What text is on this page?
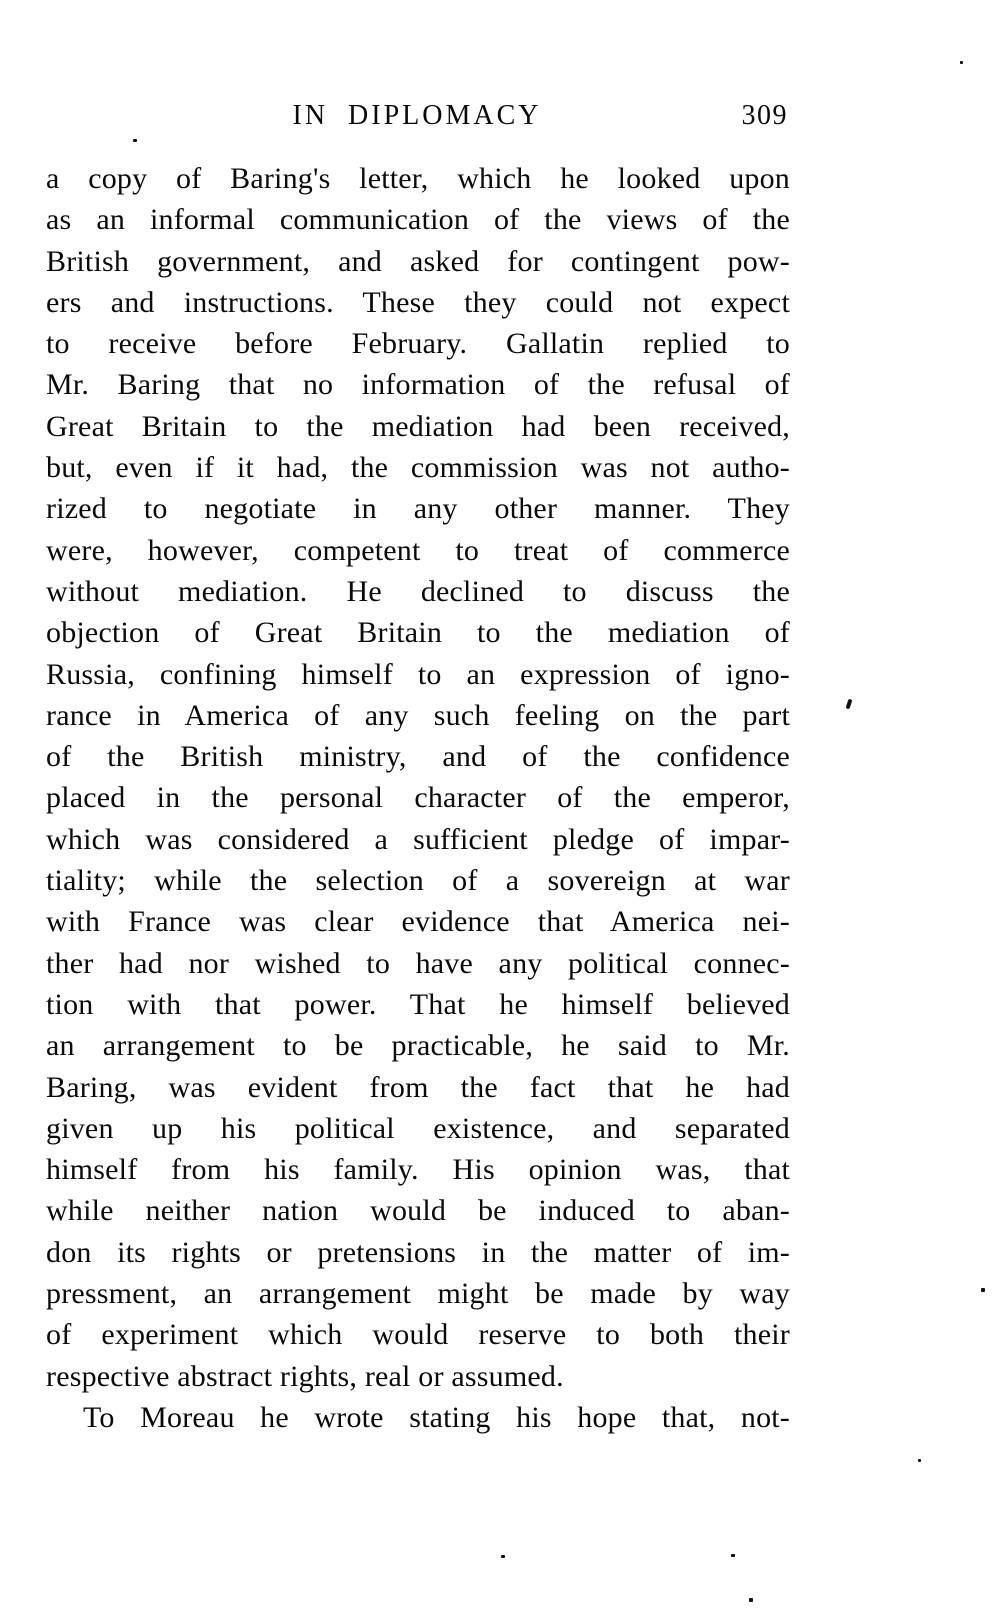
IN DIPLOMACY	309
a copy of Baring's letter, which he looked upon
as an informal communication of the views of the
British government, and asked for contingent pow-
ers and instructions. These they could not expect
to receive before February. Gallatin replied to
Mr. Baring that no information of the refusal of
Great Britain to the mediation had been received,
but, even if it had, the commission was not autho-
rized to negotiate in any other manner. They
were, however, competent to treat of commerce
without mediation. He declined to discuss the
objection of Great Britain to the mediation of
Russia, confining himself to an expression of igno-
rance in America of any such feeling on the part
of the British ministry, and of the confidence
placed in the personal character of the emperor,
which was considered a sufficient pledge of impar-
tiality; while the selection of a sovereign at war
with France was clear evidence that America nei-
ther had nor wished to have any political connec-
tion with that power. That he himself believed
an arrangement to be practicable, he said to Mr.
Baring, was evident from the fact that he had
given up his political existence, and separated
himself from his family. His opinion was, that
while neither nation would be induced to aban-
don its rights or pretensions in the matter of im-
pressment, an arrangement might be made by way
of experiment which would reserve to both their
respective abstract rights, real or assumed.
To Moreau he wrote stating his hope that, not-
